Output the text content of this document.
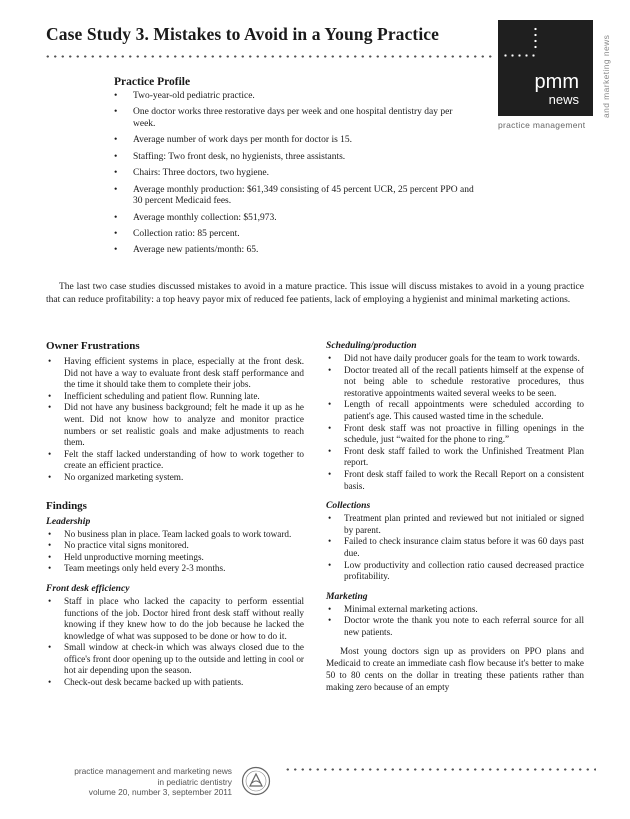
Case Study 3. Mistakes to Avoid in a Young Practice
pmm
news	and marketing news
practice management
Practice Profile
• Two-year-old pediatric practice.
• One doctor works three restorative days per week and one hospital dentistry day per week.
• Average number of work days per month for doctor is 15.
• Staffing: Two front desk, no hygienists, three assistants.
• Chairs: Three doctors, two hygiene.
• Average monthly production: $61,349 consisting of 45 percent UCR, 25 percent PPO and 30 percent Medicaid fees.
• Average monthly collection: $51,973.
• Collection ratio: 85 percent.
• Average new patients/month: 65.

The last two case studies discussed mistakes to avoid in a mature practice. This issue will discuss mistakes to avoid in a young practice that can reduce profitability: a top heavy payor mix of reduced fee patients, lack of employing a hygienist and minimal marketing actions.

Owner Frustrations
• Having efficient systems in place, especially at the front desk. Did not have a way to evaluate front desk staff performance and the time it should take them to complete their jobs.
• Inefficient scheduling and patient flow. Running late.
• Did not have any business background; felt he made it up as he went. Did not know how to analyze and monitor practice numbers or set realistic goals and make adjustments to reach them.
• Felt the staff lacked understanding of how to work together to create an efficient practice.
• No organized marketing system.
Findings
Leadership
• No business plan in place. Team lacked goals to work toward.
• No practice vital signs monitored.
• Held unproductive morning meetings.
• Team meetings only held every 2-3 months.
Front desk efficiency
• Staff in place who lacked the capacity to perform essential functions of the job. Doctor hired front desk staff without really knowing if they knew how to do the job because he lacked the knowledge of what was supposed to be done or how to do it.
• Small window at check-in which was always closed due to the office's front door opening up to the outside and letting in cool or hot air depending upon the season.
• Check-out desk became backed up with patients.
Scheduling/production
• Did not have daily producer goals for the team to work towards.
• Doctor treated all of the recall patients himself at the expense of not being able to schedule restorative procedures, thus restorative appointments waited several weeks to be seen.
• Length of recall appointments were scheduled according to patient's age. This caused wasted time in the schedule.
• Front desk staff was not proactive in filling openings in the schedule, just “waited for the phone to ring.”
• Front desk staff failed to work the Unfinished Treatment Plan report.
• Front desk staff failed to work the Recall Report on a consistent basis.
Collections
• Treatment plan printed and reviewed but not initialed or signed by parent.
• Failed to check insurance claim status before it was 60 days past due.
• Low productivity and collection ratio caused decreased practice profitability.
Marketing
• Minimal external marketing actions.
• Doctor wrote the thank you note to each referral source for all new patients.

Most young doctors sign up as providers on PPO plans and Medicaid to create an immediate cash flow because it's better to make 50 to 80 cents on the dollar in treating these patients rather than making zero because of an empty

practice management and marketing news
in pediatric dentistry
volume 20, number 3, september 2011
